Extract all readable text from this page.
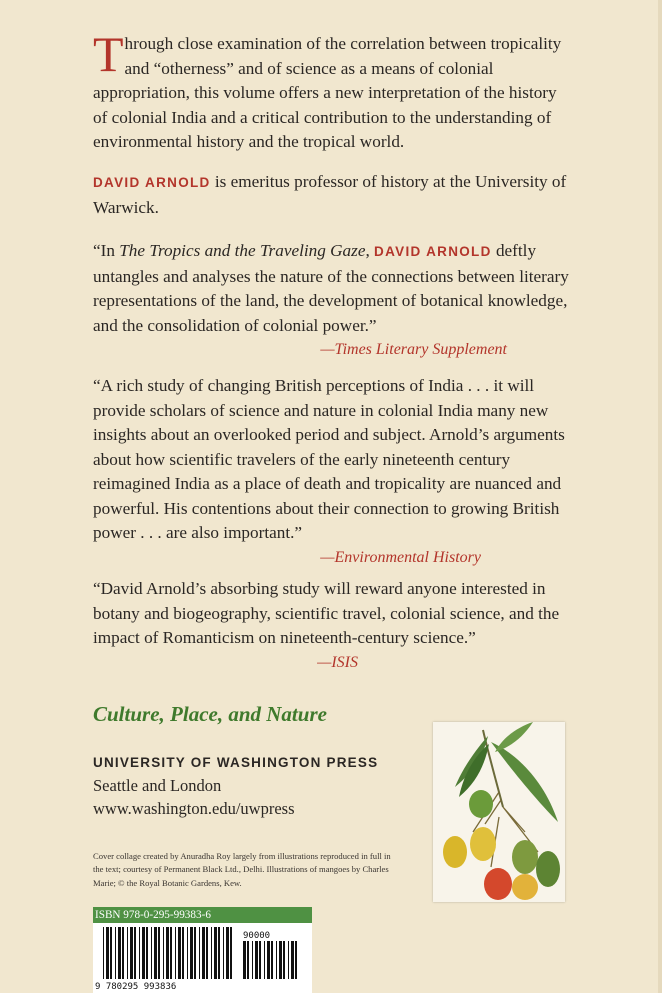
Through close examination of the correlation between tropicality and “otherness” and of science as a means of colonial appropriation, this volume offers a new interpretation of the history of colonial India and a critical contribution to the understanding of environmental history and the tropical world.

DAVID ARNOLD is emeritus professor of history at the University of Warwick.

“In The Tropics and the Traveling Gaze, DAVID ARNOLD deftly untangles and analyses the nature of the connections between literary representations of the land, the development of botanical knowledge, and the consolidation of colonial power.”

—Times Literary Supplement

“A rich study of changing British perceptions of India . . . it will provide scholars of science and nature in colonial India many new insights about an overlooked period and subject. Arnold’s arguments about how scientific travelers of the early nineteenth century reimagined India as a place of death and tropicality are nuanced and powerful. His contentions about their connection to growing British power . . . are also important.”

—Environmental History

“David Arnold’s absorbing study will reward anyone interested in botany and biogeography, scientific travel, colonial science, and the impact of Romanticism on nineteenth-century science.”

—ISIS
Culture, Place, and Nature
UNIVERSITY OF WASHINGTON PRESS
Seattle and London
www.washington.edu/uwpress
Cover collage created by Anuradha Roy largely from illustrations reproduced in full in the text; courtesy of Permanent Black Ltd., Delhi. Illustrations of mangoes by Charles Marie; © the Royal Botanic Gardens, Kew.
ISBN 978-0-295-99383-6
9 780295 993836
90000
